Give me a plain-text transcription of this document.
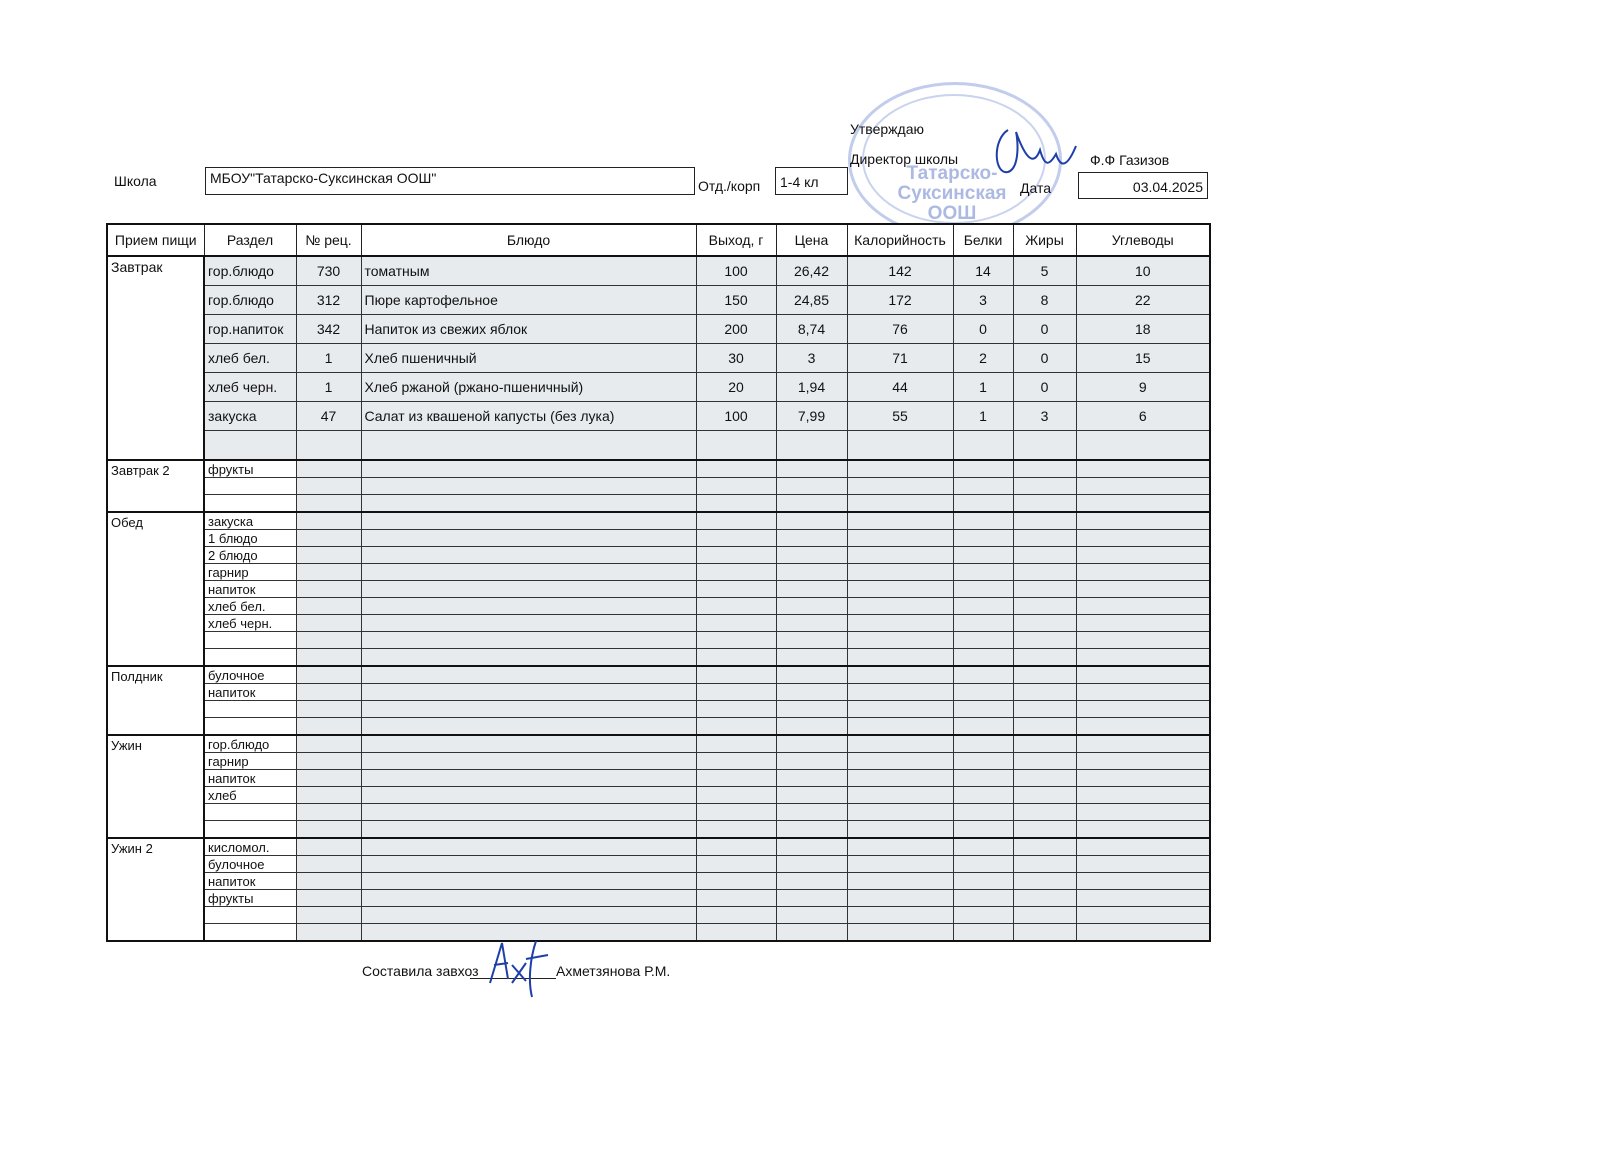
Татарско-
Суксинская
ООШ
Утверждаю
Директор школы	Ф.Ф Газизов
Школа	МБОУ"Татарско-Суксинская ООШ"	Отд./корп	1-4 кл	Дата	03.04.2025
Прием пищи	Раздел	№ рец.	Блюдо	Выход, г	Цена	Калорийность	Белки	Жиры	Углеводы
Завтрак	гор.блюдо	730	томатным	100	26,42	142	14	5	10
	гор.блюдо	312	Пюре картофельное	150	24,85	172	3	8	22
	гор.напиток	342	Напиток из свежих яблок	200	8,74	76	0	0	18
	хлеб бел.	1	Хлеб пшеничный	30	3	71	2	0	15
	хлеб черн.	1	Хлеб ржаной (ржано-пшеничный)	20	1,94	44	1	0	9
	закуска	47	Салат из квашеной капусты (без лука)	100	7,99	55	1	3	6

Завтрак 2	фрукты								

Обед	закуска								
	1 блюдо								
	2 блюдо								
	гарнир								
	напиток								
	хлеб бел.								
	хлеб черн.								

Полдник	булочное								
	напиток								

Ужин	гор.блюдо								
	гарнир								
	напиток								
	хлеб								

Ужин 2	кисломол.								
	булочное								
	напиток								
	фрукты								

Составила завхоз	Ахметзянова Р.М.
